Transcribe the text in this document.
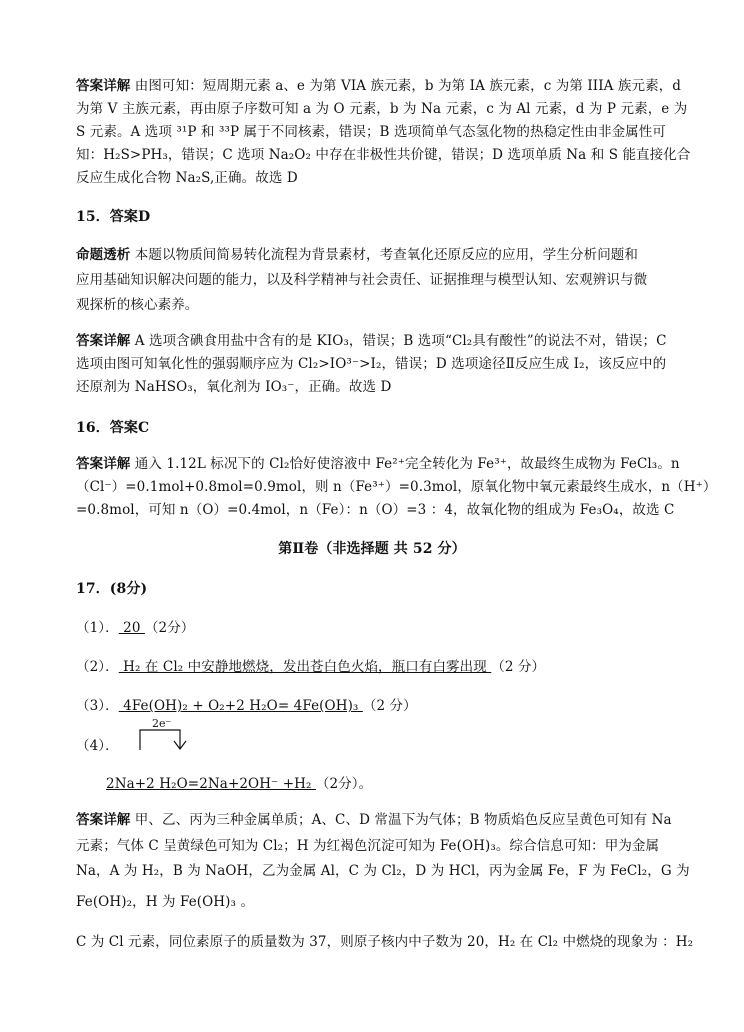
答案详解 由图可知：短周期元素 a、e 为第 VIA 族元素，b 为第 IA 族元素，c 为第 IIIA 族元素，d
为第 V 主族元素，再由原子序数可知 a 为 O 元素，b 为 Na 元素，c 为 Al 元素，d 为 P 元素，e 为
S 元素。A 选项 ³¹P 和 ³³P 属于不同核素，错误；B 选项简单气态氢化物的热稳定性由非金属性可
知：H₂S>PH₃，错误；C 选项 Na₂O₂ 中存在非极性共价键，错误；D 选项单质 Na 和 S 能直接化合
反应生成化合物 Na₂S,正确。故选 D
15．答案D
命题透析 本题以物质间简易转化流程为背景素材，考查氧化还原反应的应用，学生分析问题和
应用基础知识解决问题的能力，以及科学精神与社会责任、证据推理与模型认知、宏观辨识与微
观探析的核心素养。
答案详解 A 选项含碘食用盐中含有的是 KIO₃，错误；B 选项“Cl₂具有酸性”的说法不对，错误；C
选项由图可知氧化性的强弱顺序应为 Cl₂>IO³⁻>I₂，错误；D 选项途径Ⅱ反应生成 I₂，该反应中的
还原剂为 NaHSO₃，氧化剂为 IO₃⁻，正确。故选 D
16．答案C
答案详解 通入 1.12L 标况下的 Cl₂恰好使溶液中 Fe²⁺完全转化为 Fe³⁺，故最终生成物为 FeCl₃。n
（Cl⁻）=0.1mol+0.8mol=0.9mol，则 n（Fe³⁺）=0.3mol，原氧化物中氧元素最终生成水，n（H⁺）
=0.8mol，可知 n（O）=0.4mol，n（Fe）：n（O）=3 ：4，故氧化物的组成为 Fe₃O₄，故选 C
第Ⅱ卷（非选择题 共 52 分）
17．(8分)
（1）． 20 （2分）
（2）． H₂ 在 Cl₂ 中安静地燃烧，发出苍白色火焰，瓶口有白雾出现 （2 分）
（3）． 4Fe(OH)₂ + O₂+2 H₂O= 4Fe(OH)₃ （2 分）
（4）．
2e⁻
2Na+2 H₂O=2Na+2OH⁻ +H₂ （2分）。
答案详解 甲、乙、丙为三种金属单质；A、C、D 常温下为气体；B 物质焰色反应呈黄色可知有 Na
元素；气体 C 呈黄绿色可知为 Cl₂；H 为红褐色沉淀可知为 Fe(OH)₃。综合信息可知：甲为金属
Na，A 为 H₂，B 为 NaOH，乙为金属 Al，C 为 Cl₂，D 为 HCl，丙为金属 Fe，F 为 FeCl₂，G 为
Fe(OH)₂，H 为 Fe(OH)₃ 。
C 为 Cl 元素，同位素原子的质量数为 37，则原子核内中子数为 20，H₂ 在 Cl₂ 中燃烧的现象为 ：H₂
